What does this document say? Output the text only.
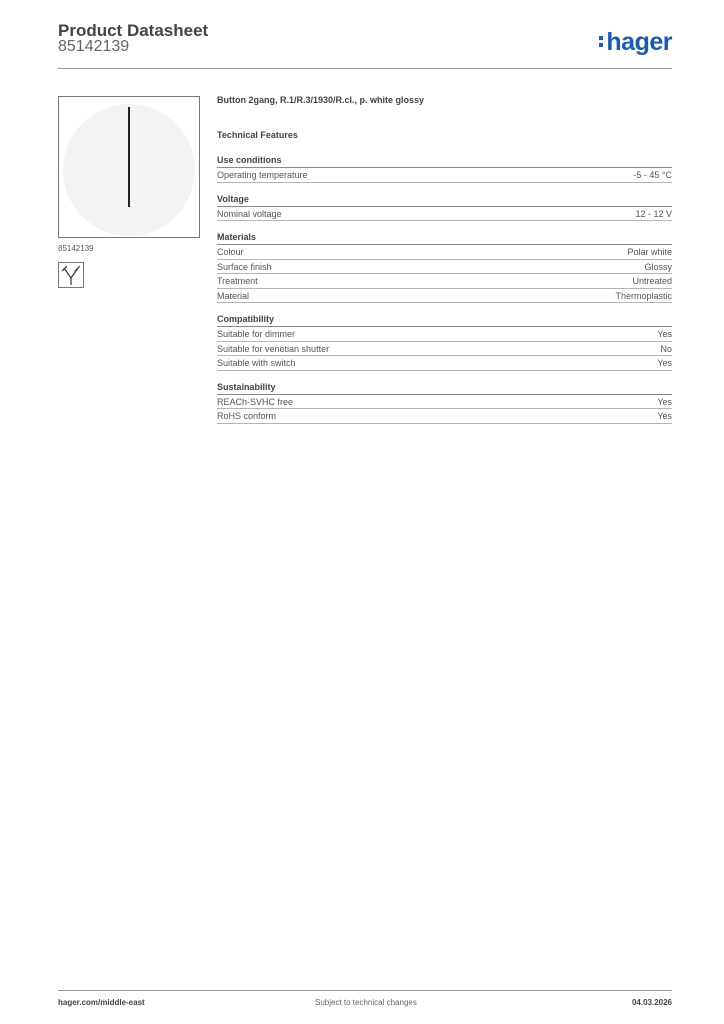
Product Datasheet
85142139	hager
85142139
Button 2gang, R.1/R.3/1930/R.cl., p. white glossy
Technical Features
Use conditions
Operating temperature	-5 - 45 °C
Voltage
Nominal voltage	12 - 12 V
Materials
Colour	Polar white
Surface finish	Glossy
Treatment	Untreated
Material	Thermoplastic
Compatibility
Suitable for dimmer	Yes
Suitable for venetian shutter	No
Suitable with switch	Yes
Sustainability
REACh-SVHC free	Yes
RoHS conform	Yes
hager.com/middle-east	Subject to technical changes	04.03.2026
